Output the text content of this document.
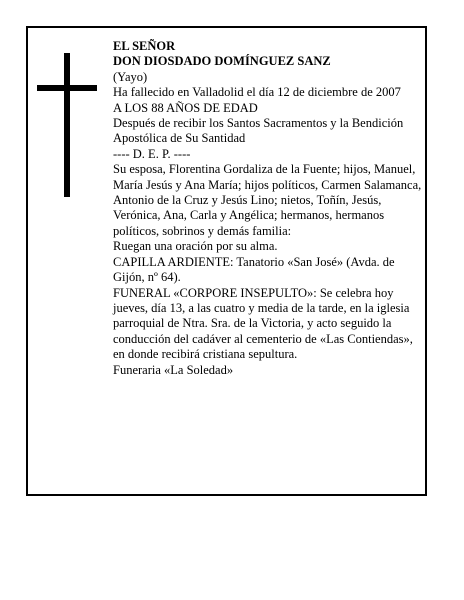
EL SEÑOR
DON DIOSDADO DOMÍNGUEZ SANZ
(Yayo)
Ha fallecido en Valladolid el día 12 de diciembre de 2007
A LOS 88 AÑOS DE EDAD
Después de recibir los Santos Sacramentos y la Bendición Apostólica de Su Santidad
---- D. E. P. ----
Su esposa, Florentina Gordaliza de la Fuente; hijos, Manuel, María Jesús y Ana María; hijos políticos, Carmen Salamanca, Antonio de la Cruz y Jesús Lino; nietos, Toñín, Jesús, Verónica, Ana, Carla y Angélica; hermanos, hermanos políticos, sobrinos y demás familia:
Ruegan una oración por su alma.
CAPILLA ARDIENTE: Tanatorio «San José» (Avda. de Gijón, nº 64).
FUNERAL «CORPORE INSEPULTO»: Se celebra hoy jueves, día 13, a las cuatro y media de la tarde, en la iglesia parroquial de Ntra. Sra. de la Victoria, y acto seguido la conducción del cadáver al cementerio de «Las Contiendas», en donde recibirá cristiana sepultura.
Funeraria «La Soledad»
